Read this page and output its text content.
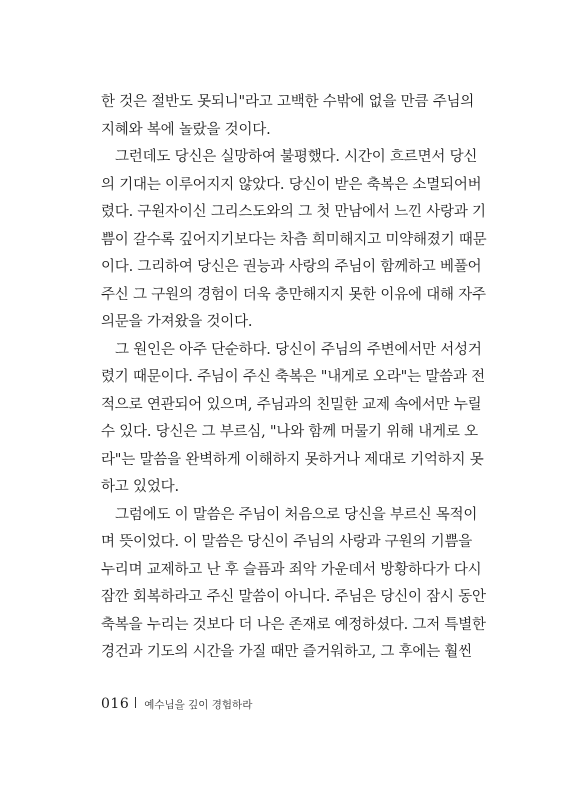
한 것은 절반도 못되니"라고 고백한 수밖에 없을 만큼 주님의
지혜와 복에 놀랐을 것이다.
그런데도 당신은 실망하여 불평했다. 시간이 흐르면서 당신
의 기대는 이루어지지 않았다. 당신이 받은 축복은 소멸되어버
렸다. 구원자이신 그리스도와의 그 첫 만남에서 느낀 사랑과 기
쁨이 갈수록 깊어지기보다는 차츰 희미해지고 미약해졌기 때문
이다. 그리하여 당신은 권능과 사랑의 주님이 함께하고 베풀어
주신 그 구원의 경험이 더욱 충만해지지 못한 이유에 대해 자주
의문을 가져왔을 것이다.
그 원인은 아주 단순하다. 당신이 주님의 주변에서만 서성거
렸기 때문이다. 주님이 주신 축복은 "내게로 오라"는 말씀과 전
적으로 연관되어 있으며, 주님과의 친밀한 교제 속에서만 누릴
수 있다. 당신은 그 부르심, "나와 함께 머물기 위해 내게로 오
라"는 말씀을 완벽하게 이해하지 못하거나 제대로 기억하지 못
하고 있었다.
그럼에도 이 말씀은 주님이 처음으로 당신을 부르신 목적이
며 뜻이었다. 이 말씀은 당신이 주님의 사랑과 구원의 기쁨을
누리며 교제하고 난 후 슬픔과 죄악 가운데서 방황하다가 다시
잠깐 회복하라고 주신 말씀이 아니다. 주님은 당신이 잠시 동안
축복을 누리는 것보다 더 나은 존재로 예정하셨다. 그저 특별한
경건과 기도의 시간을 가질 때만 즐거워하고, 그 후에는 훨씬
016 예수님을 깊이 경험하라
